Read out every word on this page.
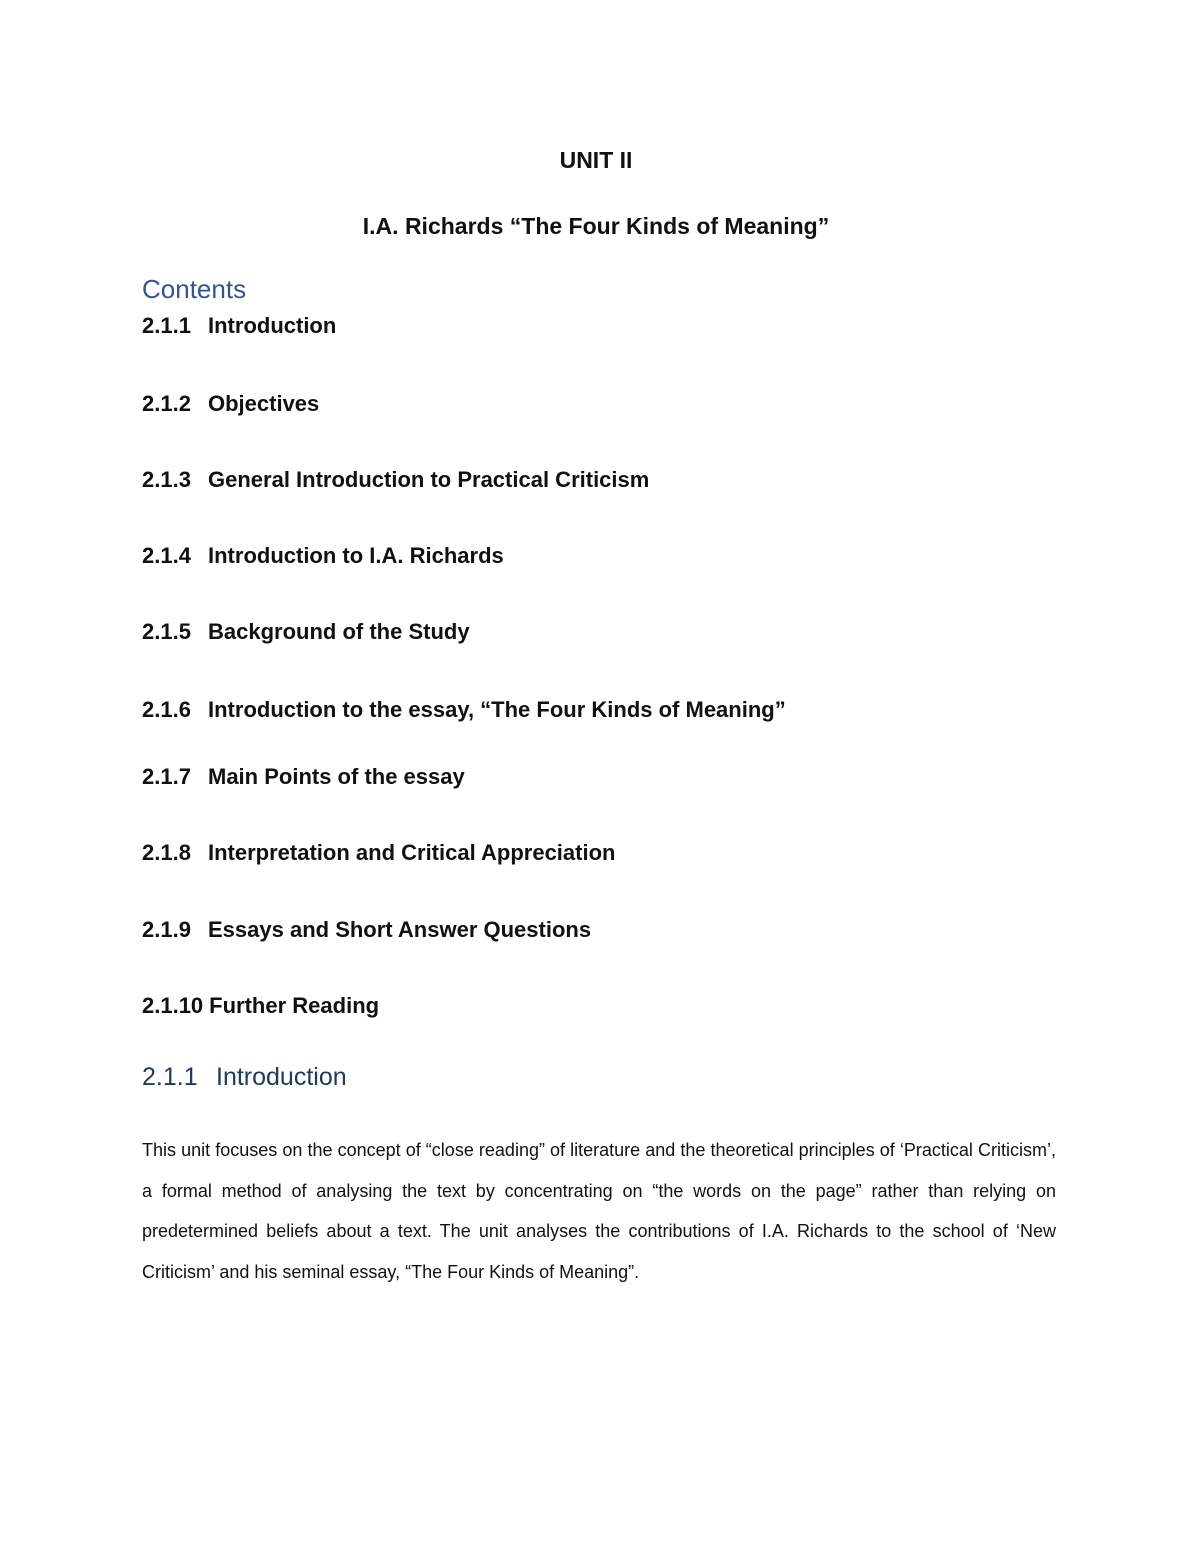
UNIT II
I.A. Richards “The Four Kinds of Meaning”
Contents
2.1.1 Introduction
2.1.2 Objectives
2.1.3 General Introduction to Practical Criticism
2.1.4 Introduction to I.A. Richards
2.1.5 Background of the Study
2.1.6 Introduction to the essay, “The Four Kinds of Meaning”
2.1.7 Main Points of the essay
2.1.8 Interpretation and Critical Appreciation
2.1.9 Essays and Short Answer Questions
2.1.10 Further Reading
2.1.1 Introduction

This unit focuses on the concept of “close reading” of literature and the theoretical principles of ‘Practical Criticism’, a formal method of analysing the text by concentrating on “the words on the page” rather than relying on predetermined beliefs about a text. The unit analyses the contributions of I.A. Richards to the school of ‘New Criticism’ and his seminal essay, “The Four Kinds of Meaning”.
